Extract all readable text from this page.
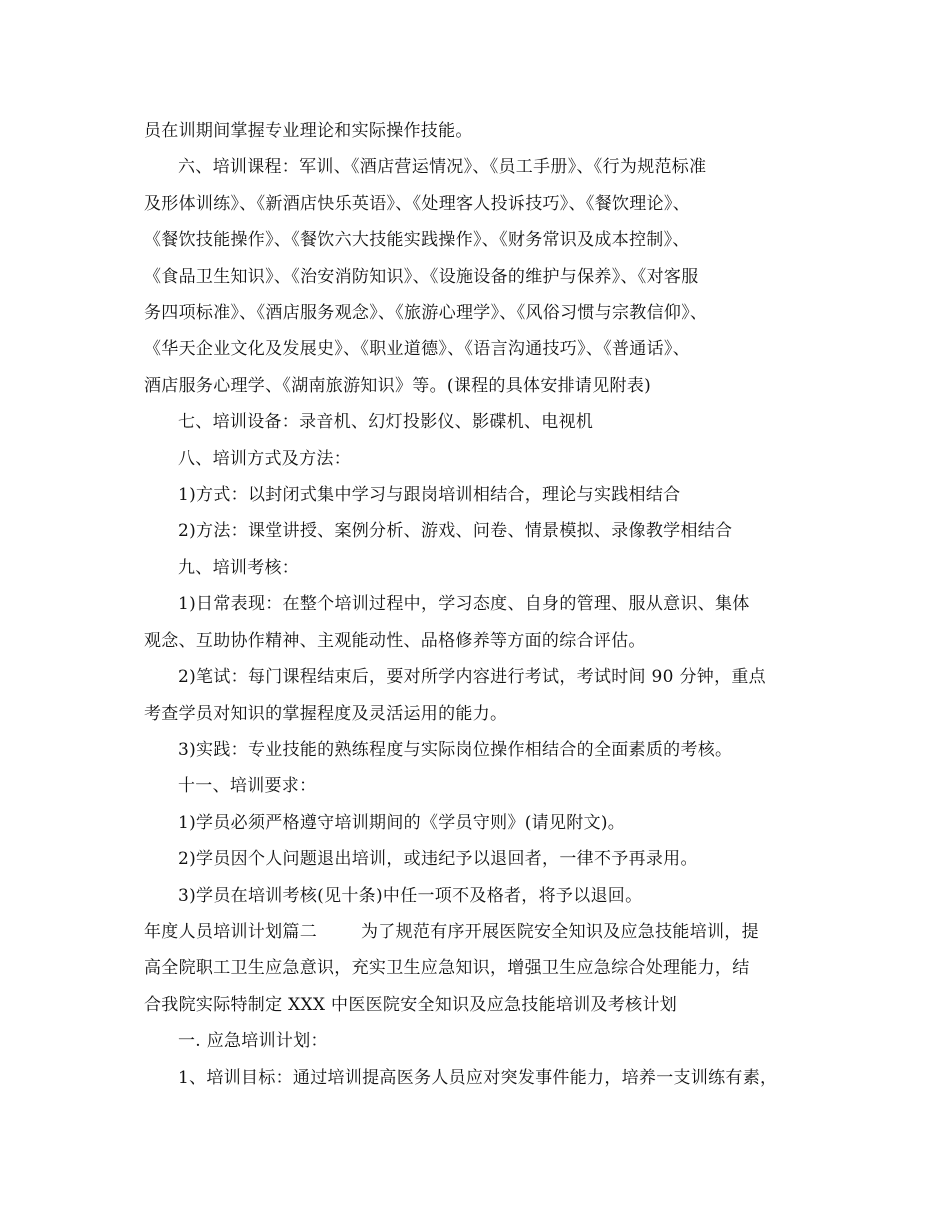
员在训期间掌握专业理论和实际操作技能。

六、培训课程：军训、《酒店营运情况》、《员工手册》、《行为规范标准

及形体训练》、《新酒店快乐英语》、《处理客人投诉技巧》、《餐饮理论》、

《餐饮技能操作》、《餐饮六大技能实践操作》、《财务常识及成本控制》、

《食品卫生知识》、《治安消防知识》、《设施设备的维护与保养》、《对客服

务四项标准》、《酒店服务观念》、《旅游心理学》、《风俗习惯与宗教信仰》、

《华天企业文化及发展史》、《职业道德》、《语言沟通技巧》、《普通话》、

酒店服务心理学、《湖南旅游知识》等。(课程的具体安排请见附表)

七、培训设备：录音机、幻灯投影仪、影碟机、电视机

八、培训方式及方法：

1)方式：以封闭式集中学习与跟岗培训相结合，理论与实践相结合

2)方法：课堂讲授、案例分析、游戏、问卷、情景模拟、录像教学相结合

九、培训考核：

1)日常表现：在整个培训过程中，学习态度、自身的管理、服从意识、集体

观念、互助协作精神、主观能动性、品格修养等方面的综合评估。

2)笔试：每门课程结束后，要对所学内容进行考试，考试时间 90 分钟，重点

考查学员对知识的掌握程度及灵活运用的能力。

3)实践：专业技能的熟练程度与实际岗位操作相结合的全面素质的考核。

十一、培训要求：

1)学员必须严格遵守培训期间的《学员守则》(请见附文)。

2)学员因个人问题退出培训，或违纪予以退回者，一律不予再录用。

3)学员在培训考核(见十条)中任一项不及格者，将予以退回。

年度人员培训计划篇二	为了规范有序开展医院安全知识及应急技能培训，提

高全院职工卫生应急意识，充实卫生应急知识，增强卫生应急综合处理能力，结

合我院实际特制定 XXX 中医医院安全知识及应急技能培训及考核计划

一. 应急培训计划：

1、培训目标：通过培训提高医务人员应对突发事件能力，培养一支训练有素，
